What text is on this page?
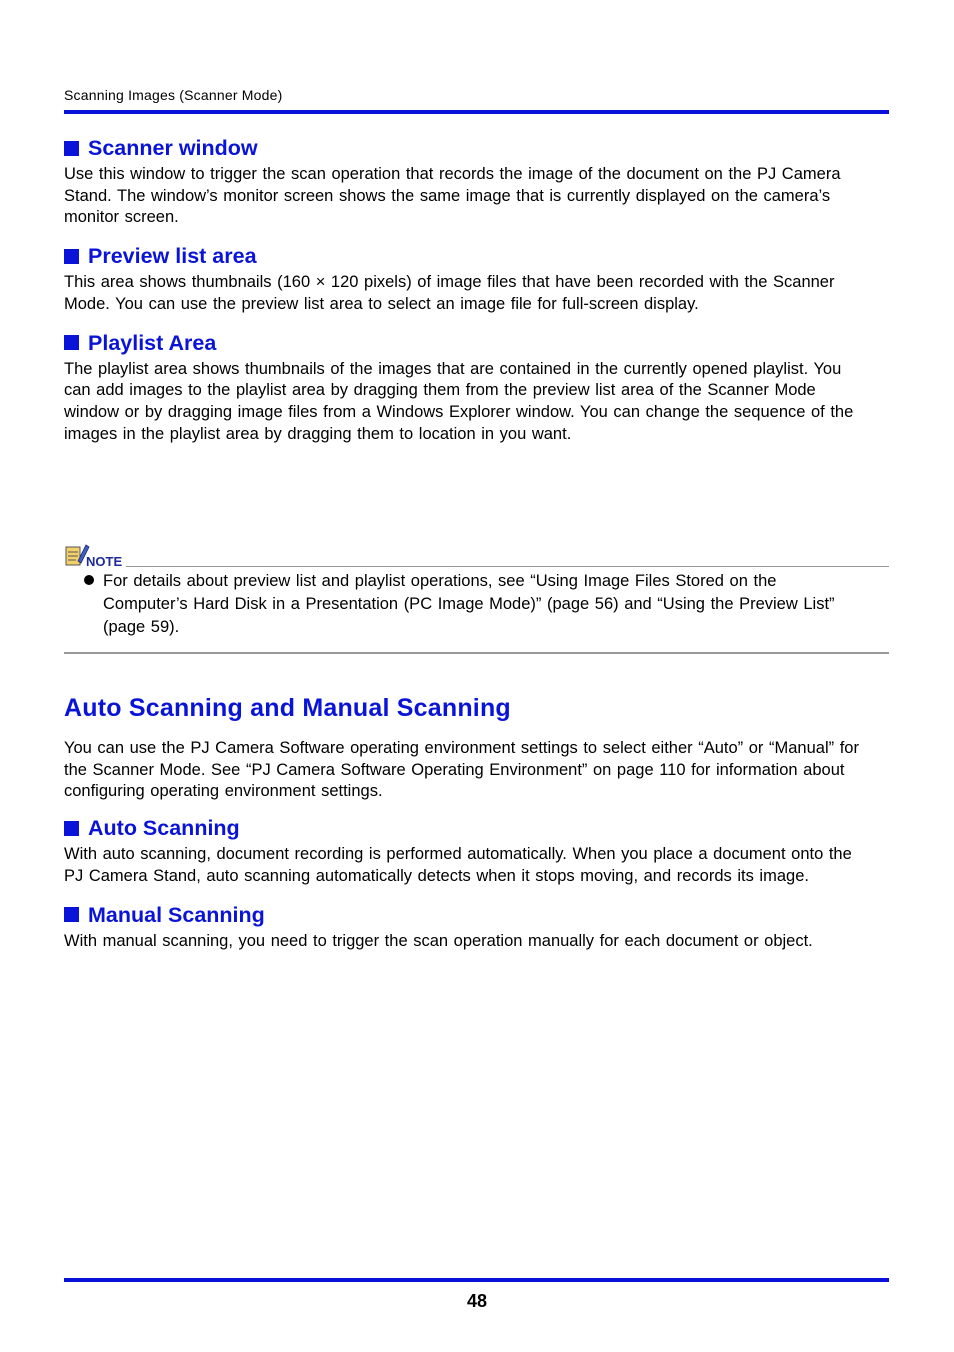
Scanning Images (Scanner Mode)
Scanner window

Use this window to trigger the scan operation that records the image of the document on the PJ Camera Stand. The window’s monitor screen shows the same image that is currently displayed on the camera’s monitor screen.

Preview list area

This area shows thumbnails (160 × 120 pixels) of image files that have been recorded with the Scanner Mode. You can use the preview list area to select an image file for full-screen display.

Playlist Area

The playlist area shows thumbnails of the images that are contained in the currently opened playlist. You can add images to the playlist area by dragging them from the preview list area of the Scanner Mode window or by dragging image files from a Windows Explorer window. You can change the sequence of the images in the playlist area by dragging them to location in you want.

NOTE
For details about preview list and playlist operations, see “Using Image Files Stored on the Computer’s Hard Disk in a Presentation (PC Image Mode)” (page 56) and “Using the Preview List” (page 59).
Auto Scanning and Manual Scanning

You can use the PJ Camera Software operating environment settings to select either “Auto” or “Manual” for the Scanner Mode. See “PJ Camera Software Operating Environment” on page 110 for information about configuring operating environment settings.

Auto Scanning

With auto scanning, document recording is performed automatically. When you place a document onto the PJ Camera Stand, auto scanning automatically detects when it stops moving, and records its image.

Manual Scanning

With manual scanning, you need to trigger the scan operation manually for each document or object.

48
